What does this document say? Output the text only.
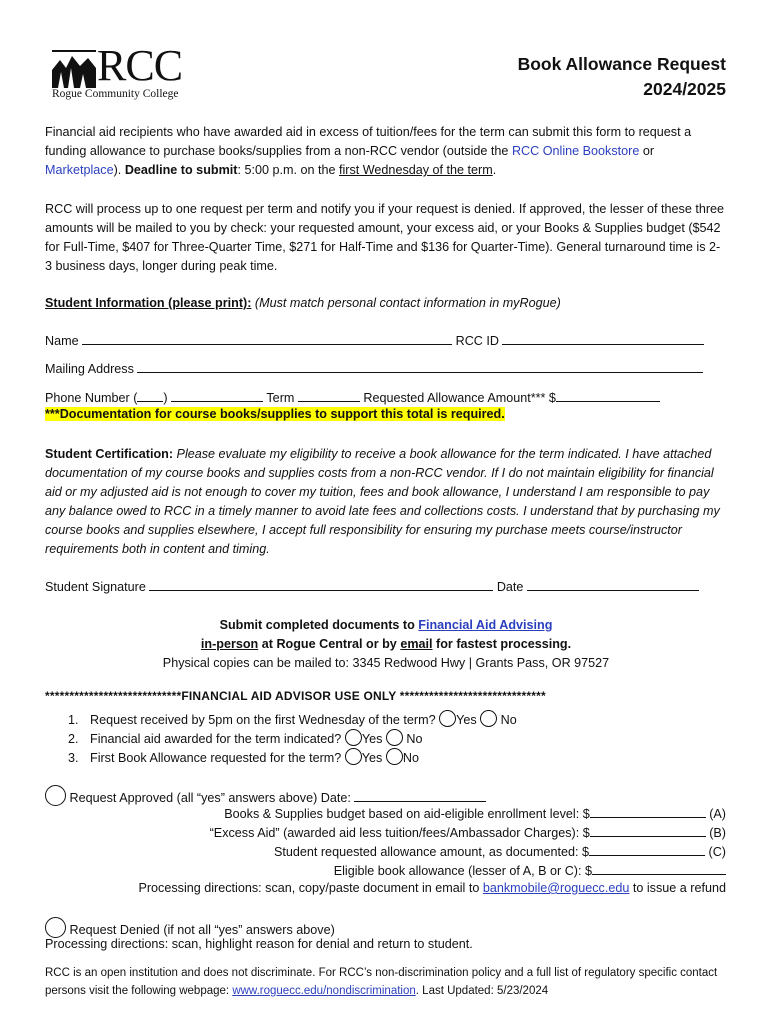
RCC
Rogue Community College
Book Allowance Request
2024/2025
Financial aid recipients who have awarded aid in excess of tuition/fees for the term can submit this form to request a funding allowance to purchase books/supplies from a non-RCC vendor (outside the RCC Online Bookstore or Marketplace). Deadline to submit: 5:00 p.m. on the first Wednesday of the term.
RCC will process up to one request per term and notify you if your request is denied. If approved, the lesser of these three amounts will be mailed to you by check: your requested amount, your excess aid, or your Books & Supplies budget ($542 for Full-Time, $407 for Three-Quarter Time, $271 for Half-Time and $136 for Quarter-Time). General turnaround time is 2-3 business days, longer during peak time.
Student Information (please print): (Must match personal contact information in myRogue)
Name	RCC ID
Mailing Address
Phone Number ( )	Term	Requested Allowance Amount*** $
***Documentation for course books/supplies to support this total is required.
Student Certification: Please evaluate my eligibility to receive a book allowance for the term indicated. I have attached documentation of my course books and supplies costs from a non-RCC vendor. If I do not maintain eligibility for financial aid or my adjusted aid is not enough to cover my tuition, fees and book allowance, I understand I am responsible to pay any balance owed to RCC in a timely manner to avoid late fees and collections costs. I understand that by purchasing my course books and supplies elsewhere, I accept full responsibility for ensuring my purchase meets course/instructor requirements both in content and timing.
Student Signature	Date
Submit completed documents to Financial Aid Advising
in-person at Rogue Central or by email for fastest processing.
Physical copies can be mailed to: 3345 Redwood Hwy | Grants Pass, OR 97527
****************************FINANCIAL AID ADVISOR USE ONLY ******************************
1. Request received by 5pm on the first Wednesday of the term? Yes No
2. Financial aid awarded for the term indicated? Yes No
3. First Book Allowance requested for the term? Yes No
Request Approved (all “yes” answers above) Date:
Books & Supplies budget based on aid-eligible enrollment level: $	(A)
“Excess Aid” (awarded aid less tuition/fees/Ambassador Charges): $	(B)
Student requested allowance amount, as documented: $	(C)
Eligible book allowance (lesser of A, B or C): $
Processing directions: scan, copy/paste document in email to bankmobile@roguecc.edu to issue a refund
Request Denied (if not all “yes” answers above)
Processing directions: scan, highlight reason for denial and return to student.
RCC is an open institution and does not discriminate. For RCC’s non-discrimination policy and a full list of regulatory specific contact persons visit the following webpage: www.roguecc.edu/nondiscrimination. Last Updated: 5/23/2024
